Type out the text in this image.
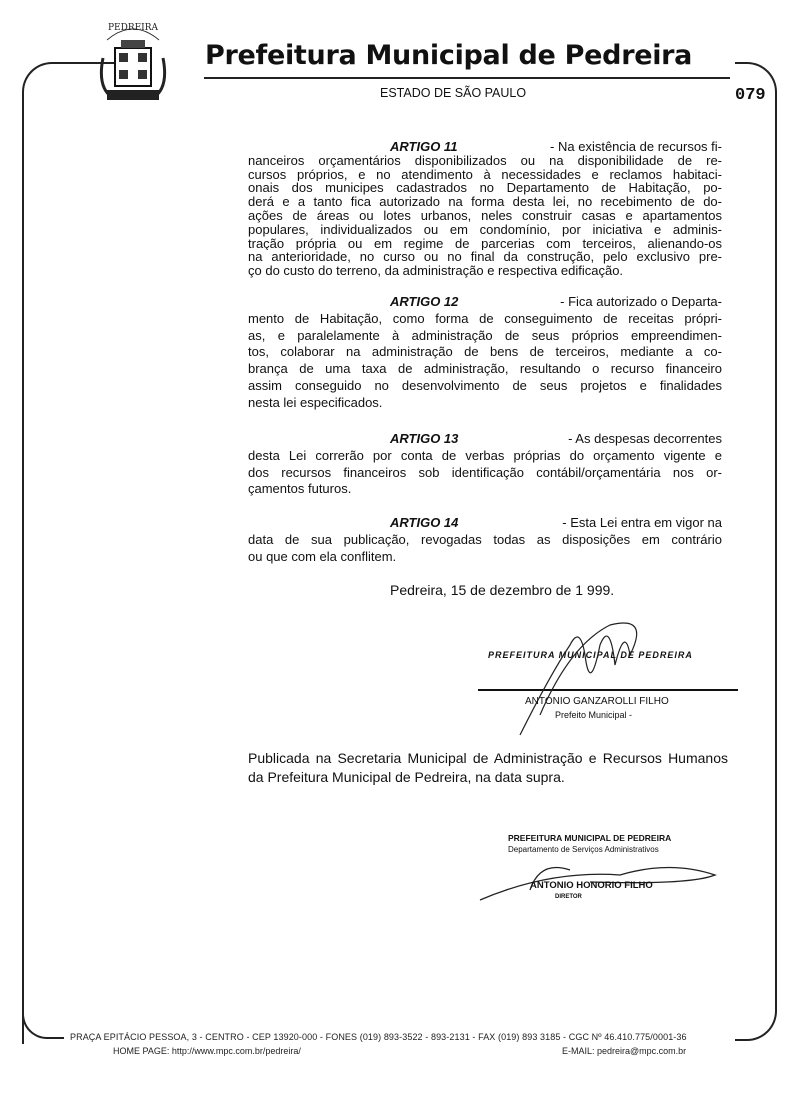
PEDREIRA
Prefeitura Municipal de Pedreira
ESTADO DE SÃO PAULO	079
ARTIGO 11	- Na existência de recursos fi-
nanceiros orçamentários disponibilizados ou na disponibilidade de re-
cursos próprios, e no atendimento à necessidades e reclamos habitaci-
onais dos municipes cadastrados no Departamento de Habitação, po-
derá e a tanto fica autorizado na forma desta lei, no recebimento de do-
ações de áreas ou lotes urbanos, neles construir casas e apartamentos
populares, individualizados ou em condomínio, por iniciativa e adminis-
tração própria ou em regime de parcerias com terceiros, alienando-os
na anterioridade, no curso ou no final da construção, pelo exclusivo pre-
ço do custo do terreno, da administração e respectiva edificação.
ARTIGO 12	- Fica autorizado o Departa-
mento de Habitação, como forma de conseguimento de receitas própri-
as, e paralelamente à administração de seus próprios empreendimen-
tos, colaborar na administração de bens de terceiros, mediante a co-
brança de uma taxa de administração, resultando o recurso financeiro
assim conseguido no desenvolvimento de seus projetos e finalidades
nesta lei especificados.
ARTIGO 13	- As despesas decorrentes
desta Lei correrão por conta de verbas próprias do orçamento vigente e
dos recursos financeiros sob identificação contábil/orçamentária nos or-
çamentos futuros.
ARTIGO 14	- Esta Lei entra em vigor na
data de sua publicação, revogadas todas as disposições em contrário
ou que com ela conflitem.
Pedreira, 15 de dezembro de 1 999.
PREFEITURA MUNICIPAL DE PEDREIRA
ANTONIO GANZAROLLI FILHO
Prefeito Municipal -
Publicada na Secretaria Municipal de Administração e Recursos Humanos da Prefeitura Municipal de Pedreira, na data supra.
PREFEITURA MUNICIPAL DE PEDREIRA
Departamento de Serviços Administrativos
ANTONIO HONORIO FILHO
DIRETOR
PRAÇA EPITÁCIO PESSOA, 3 - CENTRO - CEP 13920-000 - FONES (019) 893-3522 - 893-2131 - FAX (019) 893 3185 - CGC Nº 46.410.775/0001-36
HOME PAGE: http://www.mpc.com.br/pedreira/	E-MAIL: pedreira@mpc.com.br
